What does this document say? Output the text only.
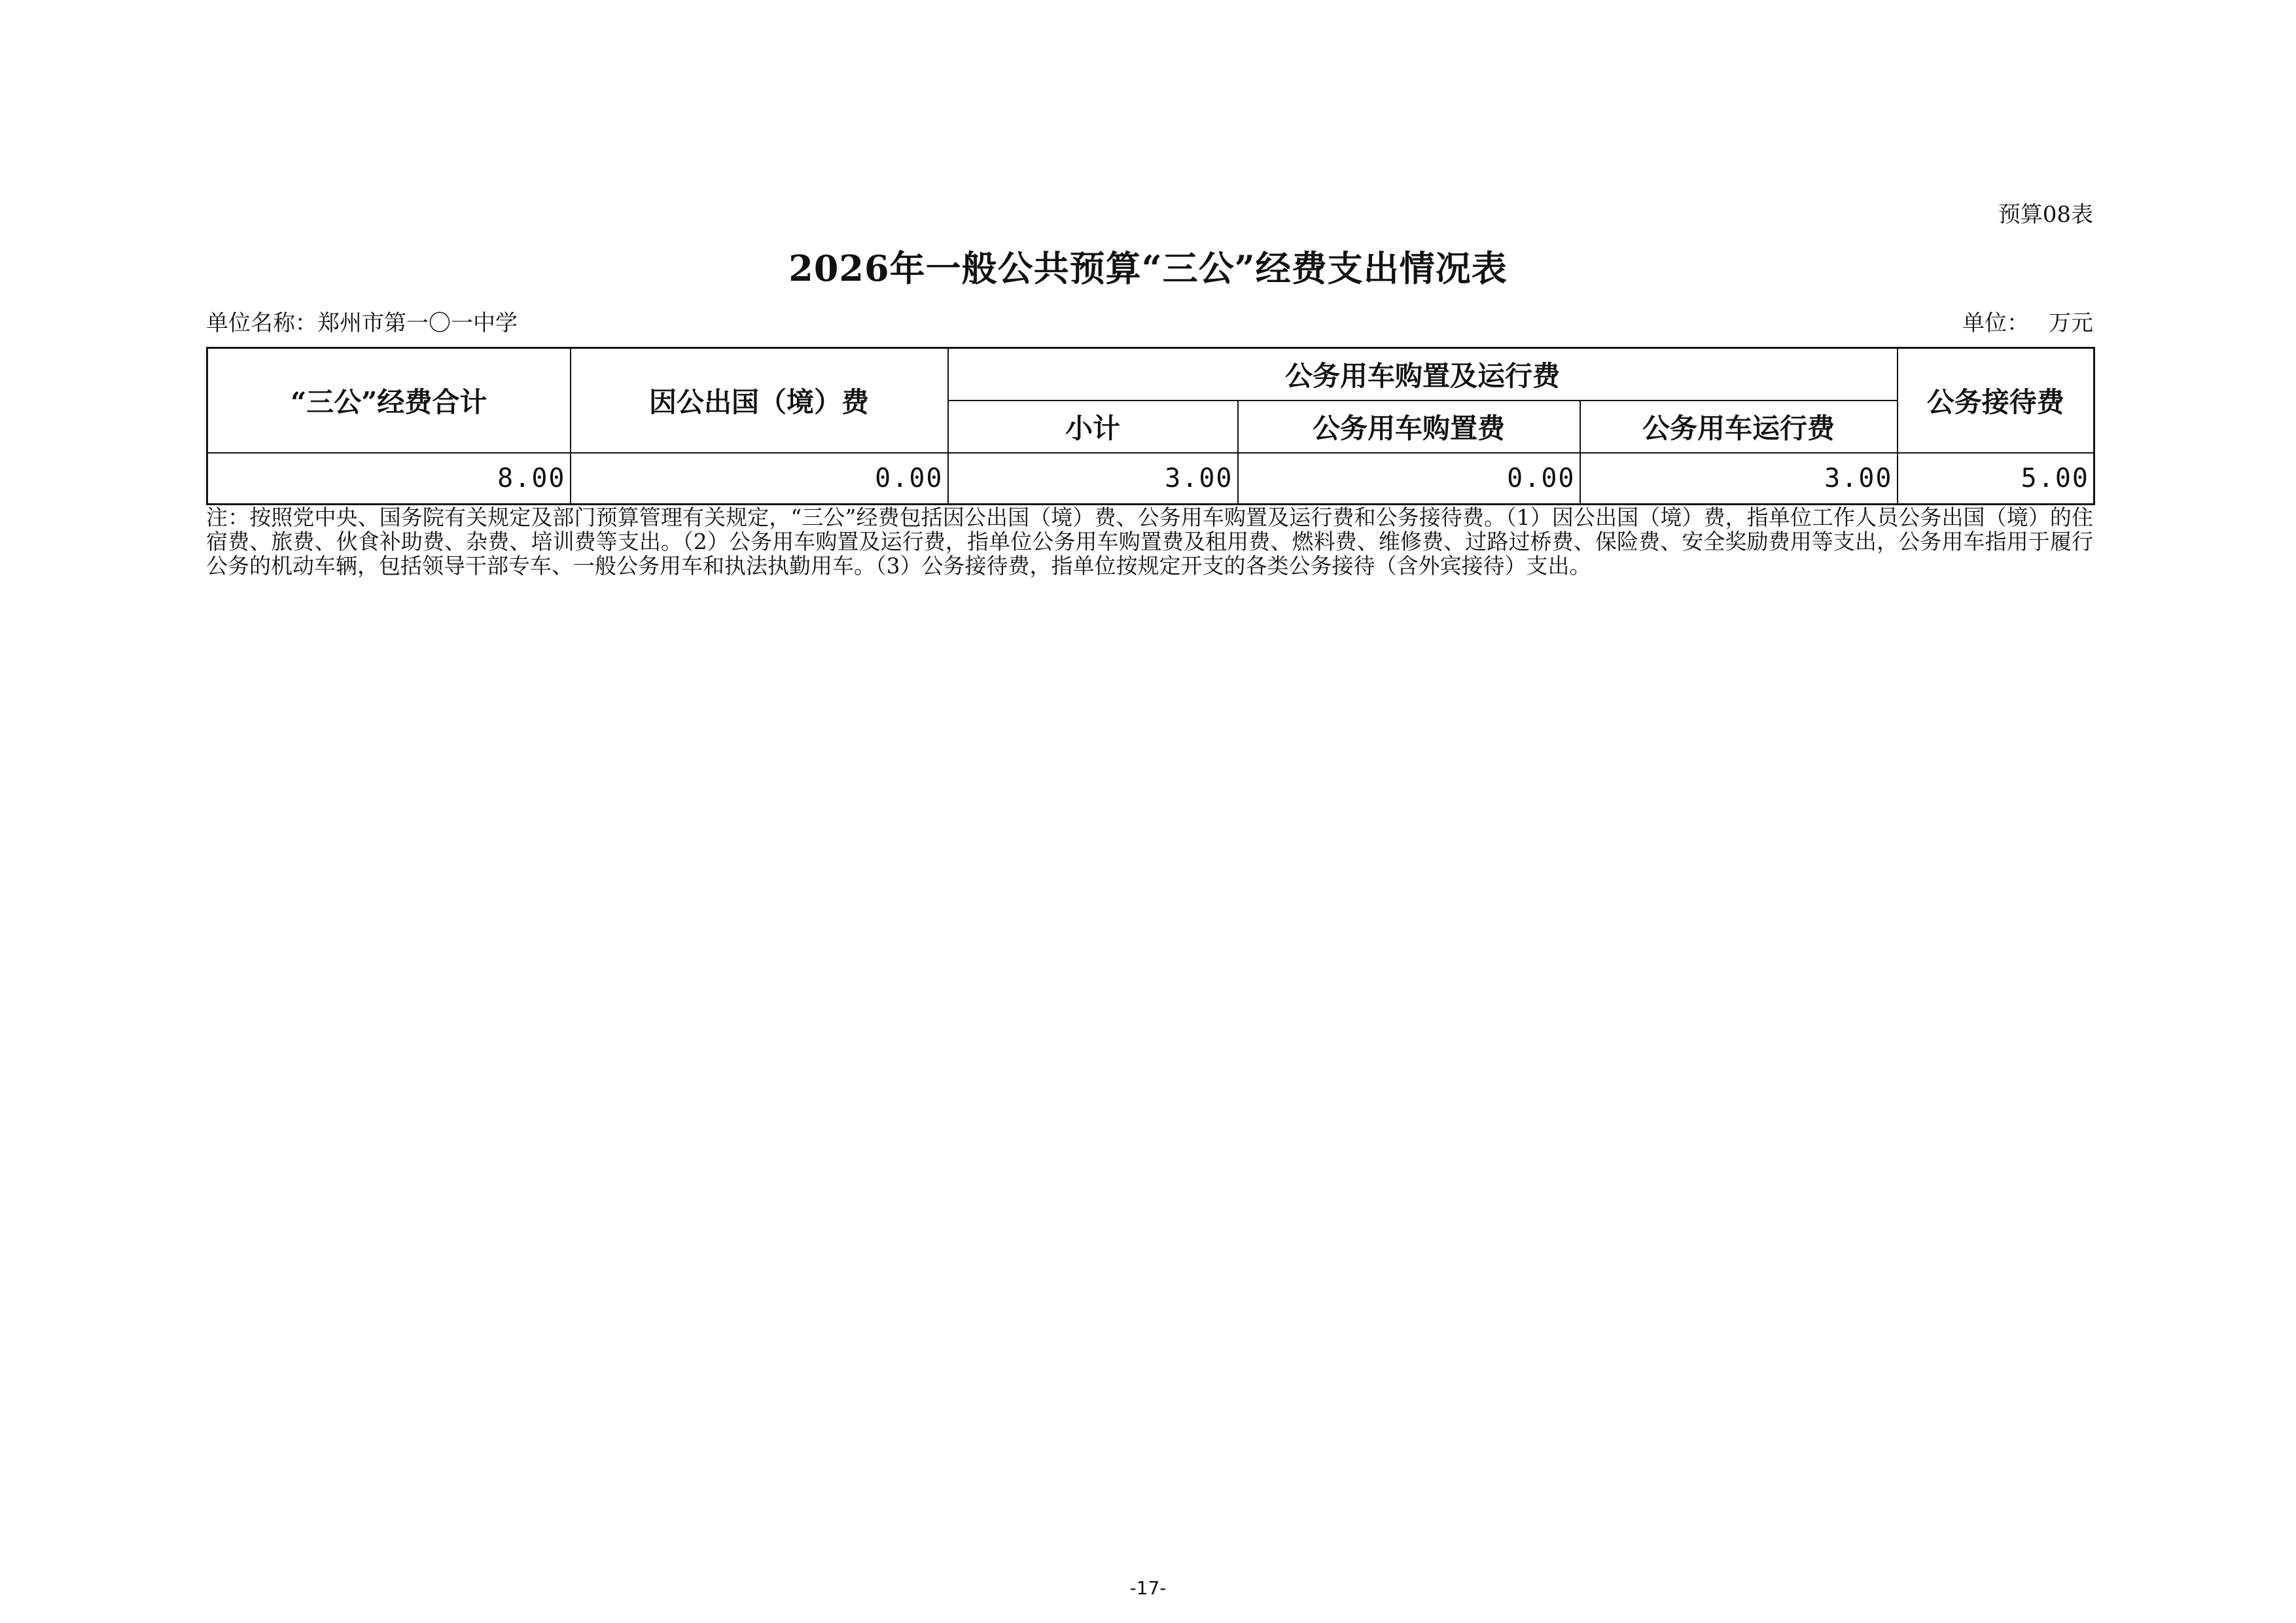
预算08表
2026年一般公共预算“三公”经费支出情况表
单位名称：郑州市第一〇一中学	单位： 万元
“三公”经费合计	因公出国（境）费	公务用车购置及运行费			公务接待费
		小计	公务用车购置费	公务用车运行费	
8.00	0.00	3.00	0.00	3.00	5.00
注：按照党中央、国务院有关规定及部门预算管理有关规定，“三公”经费包括因公出国（境）费、公务用车购置及运行费和公务接待费。（1）因公出国（境）费，指单位工作人员公务出国（境）的住宿费、旅费、伙食补助费、杂费、培训费等支出。（2）公务用车购置及运行费，指单位公务用车购置费及租用费、燃料费、维修费、过路过桥费、保险费、安全奖励费用等支出，公务用车指用于履行公务的机动车辆，包括领导干部专车、一般公务用车和执法执勤用车。（3）公务接待费，指单位按规定开支的各类公务接待（含外宾接待）支出。
-17-
